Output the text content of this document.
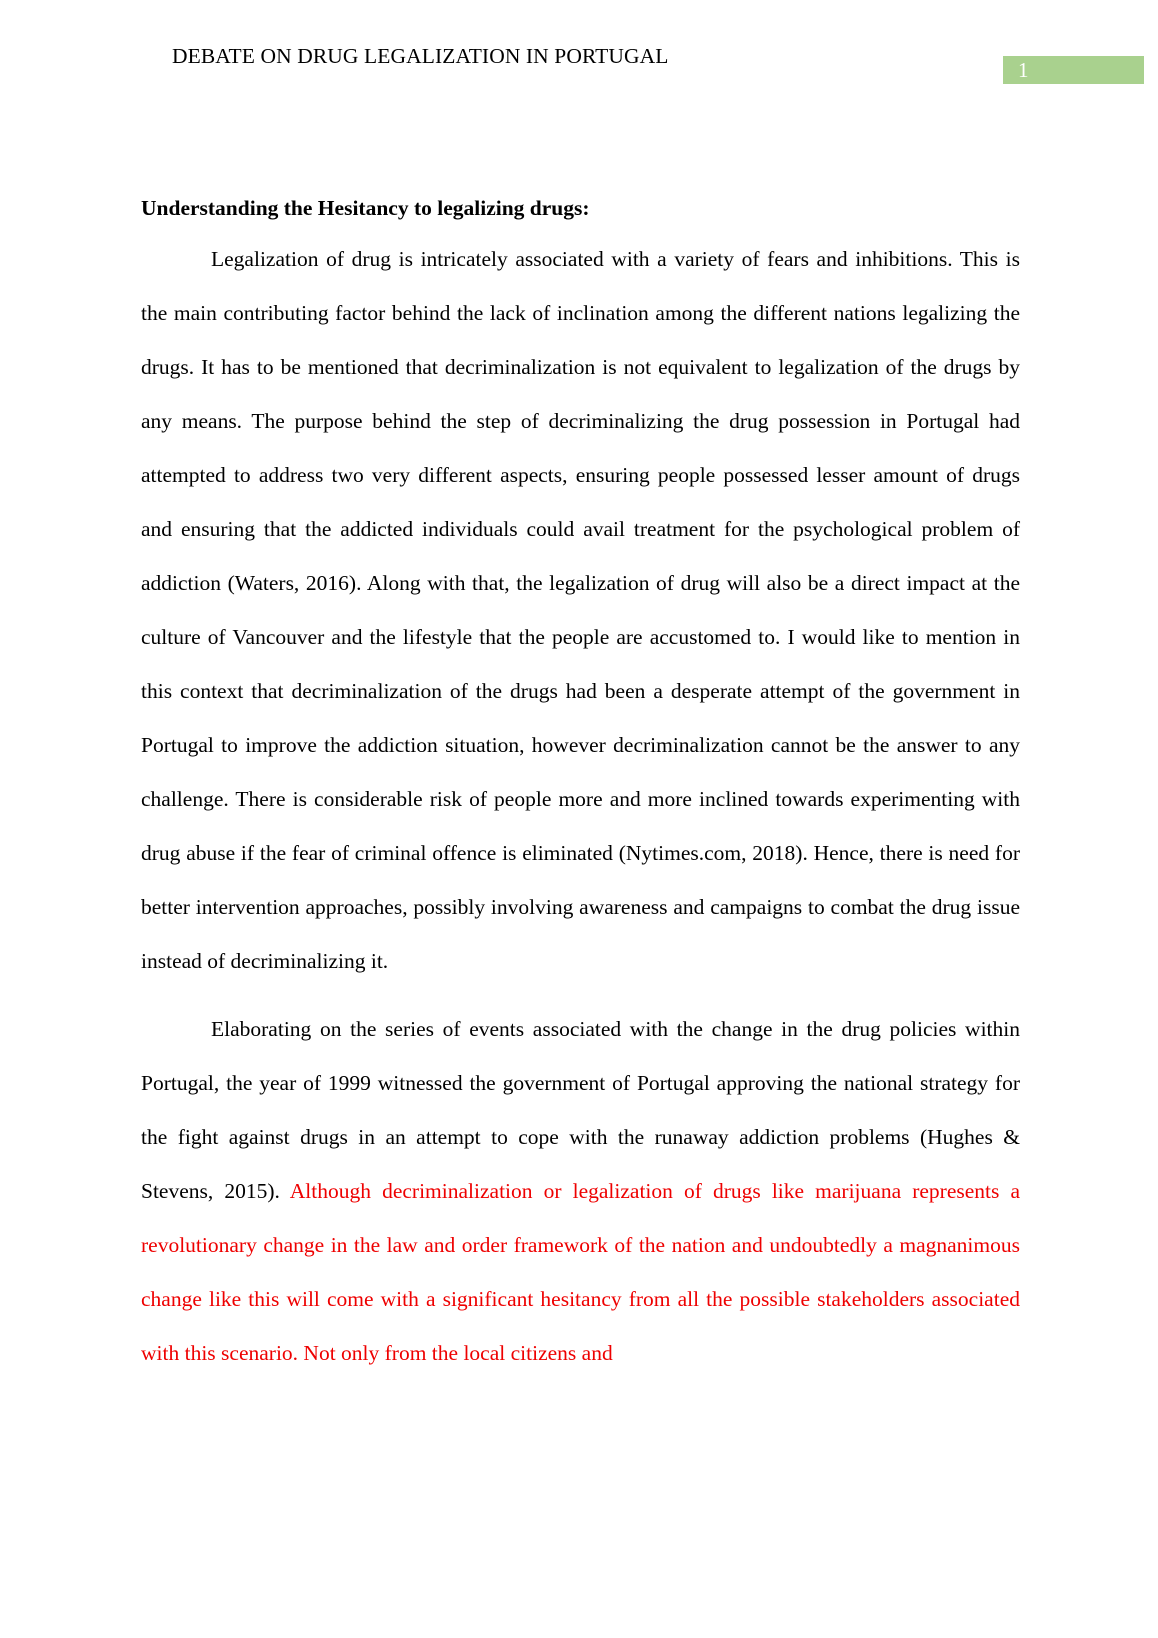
DEBATE ON DRUG LEGALIZATION IN PORTUGAL
1
Understanding the Hesitancy to legalizing drugs:

Legalization of drug is intricately associated with a variety of fears and inhibitions. This is the main contributing factor behind the lack of inclination among the different nations legalizing the drugs. It has to be mentioned that decriminalization is not equivalent to legalization of the drugs by any means. The purpose behind the step of decriminalizing the drug possession in Portugal had attempted to address two very different aspects, ensuring people possessed lesser amount of drugs and ensuring that the addicted individuals could avail treatment for the psychological problem of addiction (Waters, 2016). Along with that, the legalization of drug will also be a direct impact at the culture of Vancouver and the lifestyle that the people are accustomed to. I would like to mention in this context that decriminalization of the drugs had been a desperate attempt of the government in Portugal to improve the addiction situation, however decriminalization cannot be the answer to any challenge. There is considerable risk of people more and more inclined towards experimenting with drug abuse if the fear of criminal offence is eliminated (Nytimes.com, 2018). Hence, there is need for better intervention approaches, possibly involving awareness and campaigns to combat the drug issue instead of decriminalizing it.

Elaborating on the series of events associated with the change in the drug policies within Portugal, the year of 1999 witnessed the government of Portugal approving the national strategy for the fight against drugs in an attempt to cope with the runaway addiction problems (Hughes & Stevens, 2015). Although decriminalization or legalization of drugs like marijuana represents a revolutionary change in the law and order framework of the nation and undoubtedly a magnanimous change like this will come with a significant hesitancy from all the possible stakeholders associated with this scenario. Not only from the local citizens and
